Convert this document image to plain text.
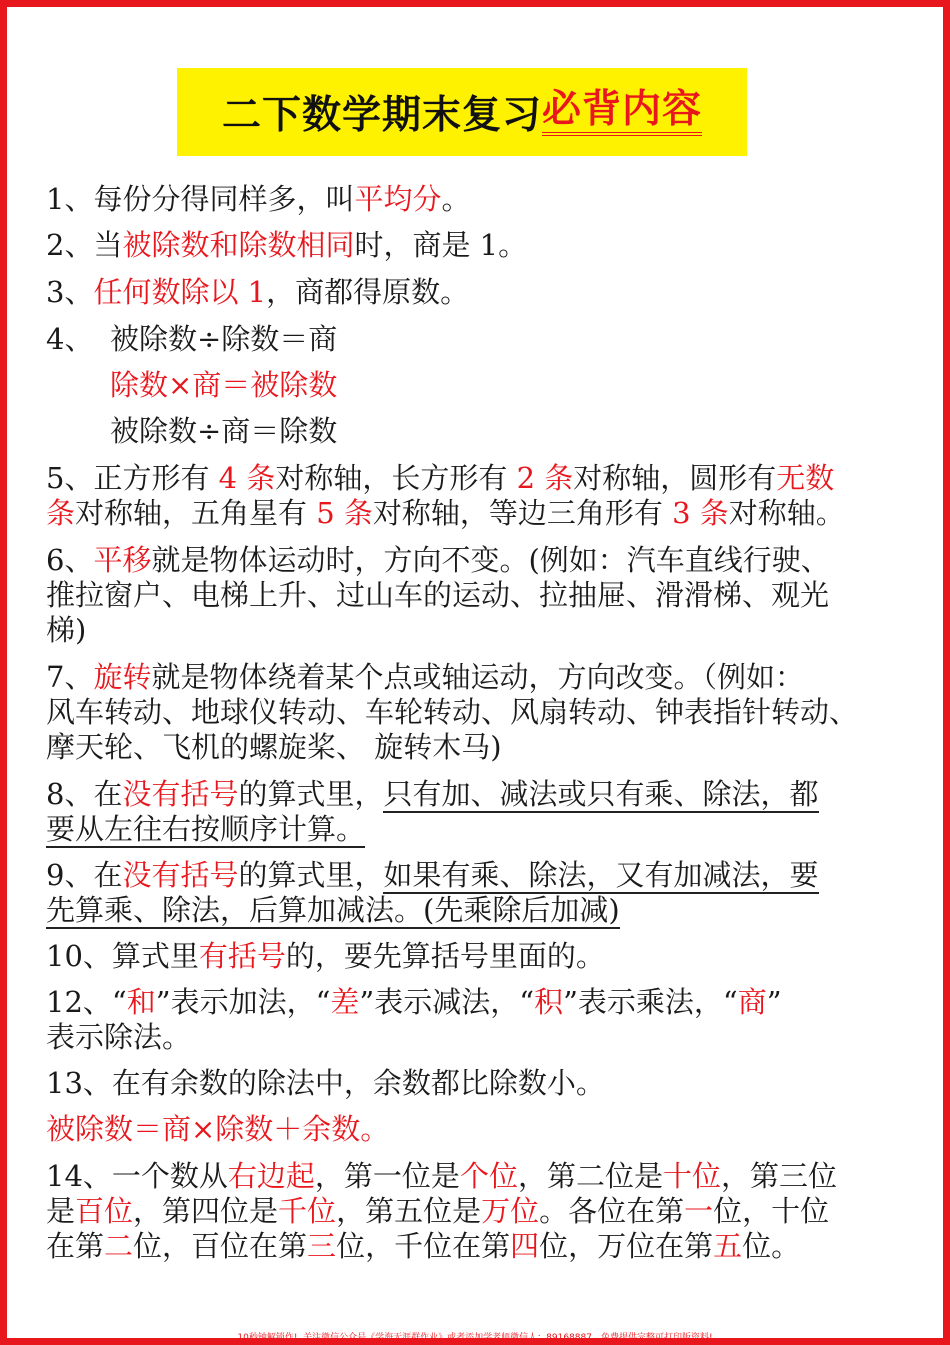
二下数学期末复习 必背内容
1、每份分得同样多，叫平均分。
2、当被除数和除数相同时，商是 1。
3、任何数除以 1，商都得原数。
4、 被除数÷除数＝商
除数×商＝被除数
被除数÷商＝除数
5、正方形有 4 条对称轴，长方形有 2 条对称轴，圆形有无数
条对称轴，五角星有 5 条对称轴，等边三角形有 3 条对称轴。
6、平移就是物体运动时，方向不变。(例如：汽车直线行驶、
推拉窗户、电梯上升、过山车的运动、拉抽屉、滑滑梯、观光
梯)
7、旋转就是物体绕着某个点或轴运动，方向改变。（例如：
风车转动、地球仪转动、车轮转动、风扇转动、钟表指针转动、
摩天轮、飞机的螺旋桨、 旋转木马)
8、在没有括号的算式里，只有加、减法或只有乘、除法，都
要从左往右按顺序计算。
9、在没有括号的算式里，如果有乘、除法，又有加减法，要
先算乘、除法，后算加减法。(先乘除后加减)
10、算式里有括号的，要先算括号里面的。
12、“和”表示加法，“差”表示减法，“积”表示乘法，“商”
表示除法。
13、在有余数的除法中，余数都比除数小。
被除数＝商×除数＋余数。
14、一个数从右边起，第一位是个位，第二位是十位，第三位
是百位，第四位是千位，第五位是万位。各位在第一位，十位
在第二位，百位在第三位，千位在第四位，万位在第五位。
10秒钟解锁作!, 关注微信公众号《学海无涯群作业》或者添加学老师微信人：89168887，免费提供完整可打印版资料!
